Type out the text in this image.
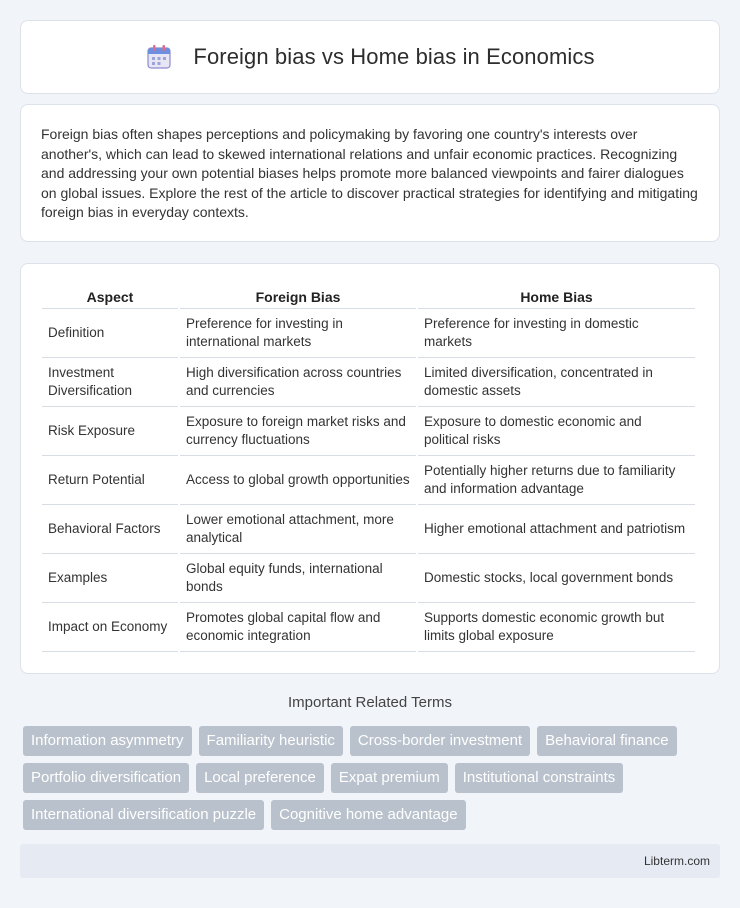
Foreign bias vs Home bias in Economics

Foreign bias often shapes perceptions and policymaking by favoring one country's interests over another's, which can lead to skewed international relations and unfair economic practices. Recognizing and addressing your own potential biases helps promote more balanced viewpoints and fairer dialogues on global issues. Explore the rest of the article to discover practical strategies for identifying and mitigating foreign bias in everyday contexts.

Aspect	Foreign Bias	Home Bias
Definition	Preference for investing in international markets	Preference for investing in domestic markets
Investment Diversification	High diversification across countries and currencies	Limited diversification, concentrated in domestic assets
Risk Exposure	Exposure to foreign market risks and currency fluctuations	Exposure to domestic economic and political risks
Return Potential	Access to global growth opportunities	Potentially higher returns due to familiarity and information advantage
Behavioral Factors	Lower emotional attachment, more analytical	Higher emotional attachment and patriotism
Examples	Global equity funds, international bonds	Domestic stocks, local government bonds
Impact on Economy	Promotes global capital flow and economic integration	Supports domestic economic growth but limits global exposure
Important Related Terms
Information asymmetry	Familiarity heuristic	Cross-border investment	Behavioral finance
Portfolio diversification	Local preference	Expat premium	Institutional constraints
International diversification puzzle	Cognitive home advantage
Libterm.com
